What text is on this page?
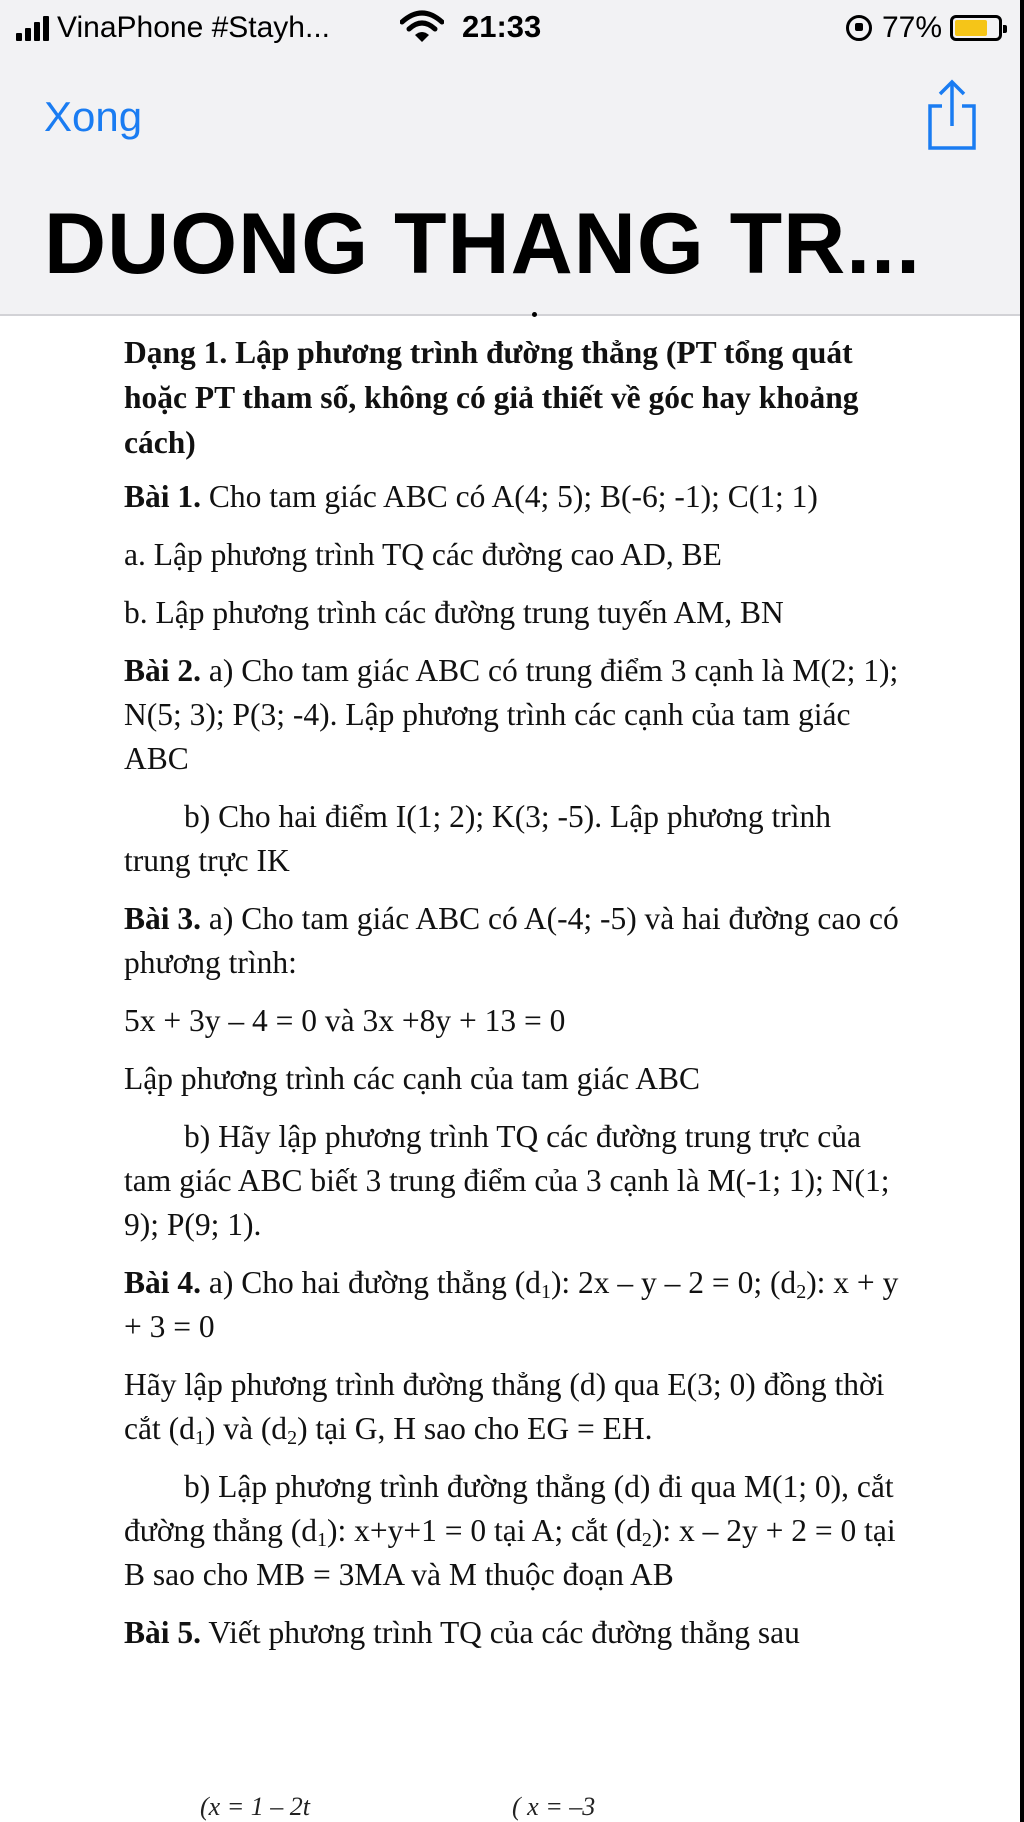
VinaPhone #Stayh...	21:33	77%
Xong
DUONG THANG TR...

Dạng 1. Lập phương trình đường thẳng (PT tổng quát hoặc PT tham số, không có giả thiết về góc hay khoảng cách)

Bài 1. Cho tam giác ABC có A(4; 5); B(-6; -1); C(1; 1)

a. Lập phương trình TQ các đường cao AD, BE

b. Lập phương trình các đường trung tuyến AM, BN

Bài 2. a) Cho tam giác ABC có trung điểm 3 cạnh là M(2; 1); N(5; 3); P(3; -4). Lập phương trình các cạnh của tam giác ABC

b) Cho hai điểm I(1; 2); K(3; -5). Lập phương trình trung trực IK

Bài 3. a) Cho tam giác ABC có A(-4; -5) và hai đường cao có phương trình:

5x + 3y – 4 = 0 và 3x +8y + 13 = 0

Lập phương trình các cạnh của tam giác ABC

b) Hãy lập phương trình TQ các đường trung trực của tam giác ABC biết 3 trung điểm của 3 cạnh là M(-1; 1); N(1; 9); P(9; 1).

Bài 4. a) Cho hai đường thẳng $(d_1)$: 2x – y – 2 = 0; $(d_2)$: x + y + 3 = 0

Hãy lập phương trình đường thẳng (d) qua E(3; 0) đồng thời cắt $(d_1)$ và $(d_2)$ tại G, H sao cho EG = EH.

b) Lập phương trình đường thẳng (d) đi qua M(1; 0), cắt đường thẳng $(d_1)$: x+y+1 = 0 tại A; cắt $(d_2)$: x – 2y + 2 = 0 tại B sao cho MB = 3MA và M thuộc đoạn AB

Bài 5. Viết phương trình TQ của các đường thẳng sau

(x = 1 – 2t	( x = –3
